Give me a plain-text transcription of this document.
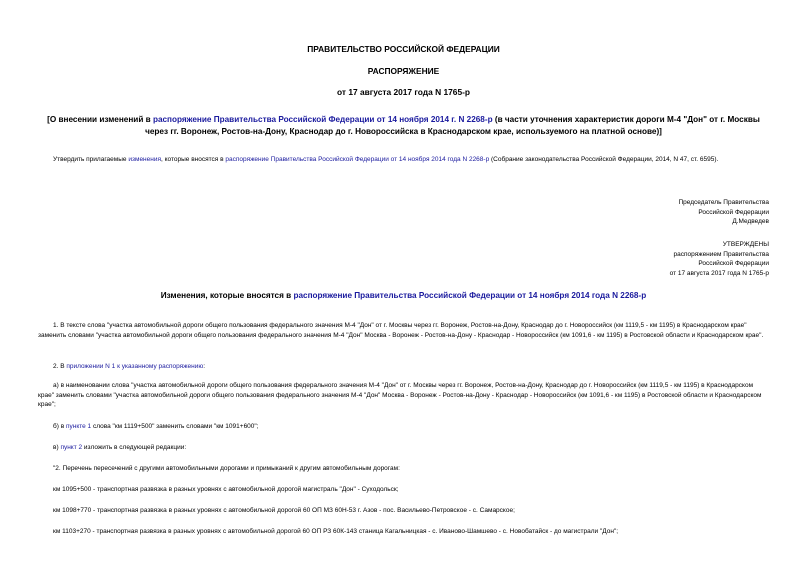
ПРАВИТЕЛЬСТВО РОССИЙСКОЙ ФЕДЕРАЦИИ
РАСПОРЯЖЕНИЕ
от 17 августа 2017 года N 1765-р
[О внесении изменений в распоряжение Правительства Российской Федерации от 14 ноября 2014 г. N 2268-р (в части уточнения характеристик дороги М-4 "Дон" от г. Москвы через гг. Воронеж, Ростов-на-Дону, Краснодар до г. Новороссийска в Краснодарском крае, используемого на платной основе)]
Утвердить прилагаемые изменения, которые вносятся в распоряжение Правительства Российской Федерации от 14 ноября 2014 года N 2268-р (Собрание законодательства Российской Федерации, 2014, N 47, ст. 6595).
Председатель Правительства
Российской Федерации
Д.Медведев
УТВЕРЖДЕНЫ
распоряжением Правительства
Российской Федерации
от 17 августа 2017 года N 1765-р
Изменения, которые вносятся в распоряжение Правительства Российской Федерации от 14 ноября 2014 года N 2268-р
1. В тексте слова "участка автомобильной дороги общего пользования федерального значения М-4 "Дон" от г. Москвы через гг. Воронеж, Ростов-на-Дону, Краснодар до г. Новороссийск (км 1119,5 - км 1195) в Краснодарском крае" заменить словами "участка автомобильной дороги общего пользования федерального значения М-4 "Дон" Москва - Воронеж - Ростов-на-Дону - Краснодар - Новороссийск (км 1091,6 - км 1195) в Ростовской области и Краснодарском крае".
2. В приложении N 1 к указанному распоряжению:
а) в наименовании слова "участка автомобильной дороги общего пользования федерального значения М-4 "Дон" от г. Москвы через гг. Воронеж, Ростов-на-Дону, Краснодар до г. Новороссийск (км 1119,5 - км 1195) в Краснодарском крае" заменить словами "участка автомобильной дороги общего пользования федерального значения М-4 "Дон" Москва - Воронеж - Ростов-на-Дону - Краснодар - Новороссийск (км 1091,6 - км 1195) в Ростовской области и Краснодарском крае";
б) в пункте 1 слова "км 1119+500" заменить словами "км 1091+600";
в) пункт 2 изложить в следующей редакции:
"2. Перечень пересечений с другими автомобильными дорогами и примыканий к другим автомобильным дорогам:
км 1095+500 - транспортная развязка в разных уровнях с автомобильной дорогой магистраль "Дон" - Суходольск;
км 1098+770 - транспортная развязка в разных уровнях с автомобильной дорогой 60 ОП МЗ 60Н-53 г. Азов - пос. Васильево-Петровское - с. Самарское;
км 1103+270 - транспортная развязка в разных уровнях с автомобильной дорогой 60 ОП РЗ 60К-143 станица Кагальницкая - с. Иваново-Шамшево - с. Новобатайск - до магистрали "Дон";
